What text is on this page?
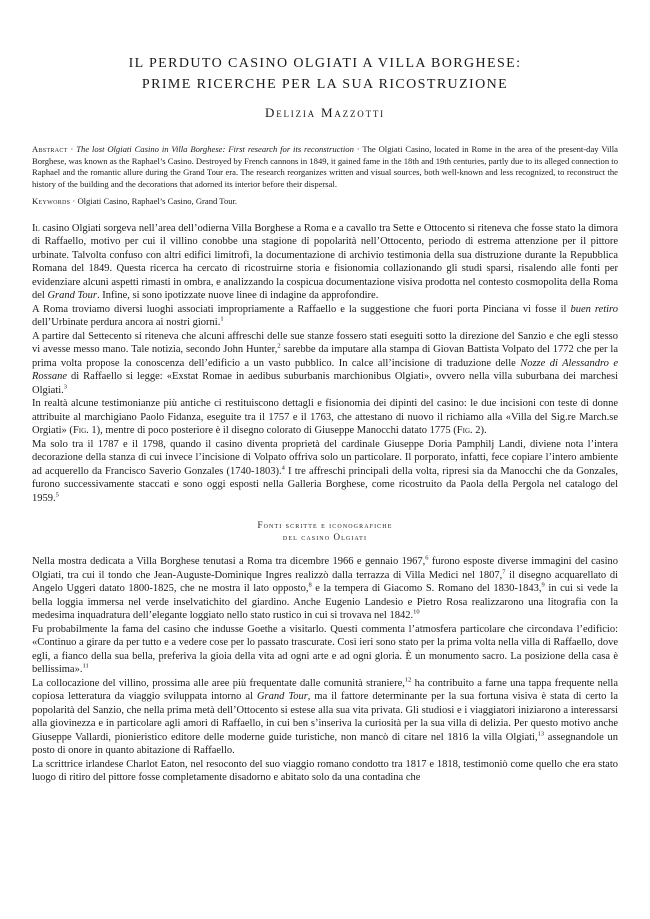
IL PERDUTO CASINO OLGIATI A VILLA BORGHESE:
PRIME RICERCHE PER LA SUA RICOSTRUZIONE
Delizia Mazzotti
Abstract · The lost Olgiati Casino in Villa Borghese: First research for its reconstruction · The Olgiati Casino, located in Rome in the area of the present-day Villa Borghese, was known as the Raphael’s Casino. Destroyed by French cannons in 1849, it gained fame in the 18th and 19th centuries, partly due to its alleged connection to Raphael and the romantic allure during the Grand Tour era. The research reorganizes written and visual sources, both well-known and less recognized, to reconstruct the history of the building and the decorations that adorned its interior before their dispersal.
Keywords · Olgiati Casino, Raphael’s Casino, Grand Tour.

Il casino Olgiati sorgeva nell’area dell’odierna Villa Borghese a Roma e a cavallo tra Sette e Ottocento si riteneva che fosse stato la dimora di Raffaello, motivo per cui il villino conobbe una stagione di popolarità nell’Ottocento, periodo di estrema attenzione per il pittore urbinate. Talvolta confuso con altri edifici limitrofi, la documentazione di archivio testimonia della sua distruzione durante la Repubblica Romana del 1849. Questa ricerca ha cercato di ricostruirne storia e fisionomia collazionando gli studi sparsi, risalendo alle fonti per evidenziare alcuni aspetti rimasti in ombra, e analizzando la cospicua documentazione visiva prodotta nel contesto cosmopolita della Roma del Grand Tour. Infine, si sono ipotizzate nuove linee di indagine da approfondire.

A Roma troviamo diversi luoghi associati impropriamente a Raffaello e la suggestione che fuori porta Pinciana vi fosse il buen retiro dell’Urbinate perdura ancora ai nostri giorni.$^1$

A partire dal Settecento si riteneva che alcuni affreschi delle sue stanze fossero stati eseguiti sotto la direzione del Sanzio e che egli stesso vi avesse messo mano. Tale notizia, secondo John Hunter,$^2$ sarebbe da imputare alla stampa di Giovan Battista Volpato del 1772 che per la prima volta propose la conoscenza dell’edificio a un vasto pubblico. In calce all’incisione di traduzione delle Nozze di Alessandro e Rossane di Raffaello si legge: «Exstat Romae in aedibus suburbanis marchionibus Olgiati», ovvero nella villa suburbana dei marchesi Olgiati.$^3$

In realtà alcune testimonianze più antiche ci restituiscono dettagli e fisionomia dei dipinti del casino: le due incisioni con teste di donne attribuite al marchigiano Paolo Fidanza, eseguite tra il 1757 e il 1763, che attestano di nuovo il richiamo alla «Villa del Sig.re March.se Orgiati» (Fig. 1), mentre di poco posteriore è il disegno colorato di Giuseppe Manocchi datato 1775 (Fig. 2).

Ma solo tra il 1787 e il 1798, quando il casino diventa proprietà del cardinale Giuseppe Doria Pamphilj Landi, diviene nota l’intera decorazione della stanza di cui invece l’incisione di Volpato offriva solo un particolare. Il porporato, infatti, fece copiare l’intero ambiente ad acquerello da Francisco Saverio Gonzales (1740-1803).$^4$ I tre affreschi principali della volta, ripresi sia da Manocchi che da Gonzales, furono successivamente staccati e sono oggi esposti nella Galleria Borghese, come ricostruito da Paola della Pergola nel catalogo del 1959.$^5$

Fonti scritte e iconografiche
del casino Olgiati

Nella mostra dedicata a Villa Borghese tenutasi a Roma tra dicembre 1966 e gennaio 1967,$^6$ furono esposte diverse immagini del casino Olgiati, tra cui il tondo che Jean-Auguste-Dominique Ingres realizzò dalla terrazza di Villa Medici nel 1807,$^7$ il disegno acquarellato di Angelo Uggeri datato 1800-1825, che ne mostra il lato opposto,$^8$ e la tempera di Giacomo S. Romano del 1830-1843,$^9$ in cui si vede la bella loggia immersa nel verde inselvatichito del giardino. Anche Eugenio Landesio e Pietro Rosa realizzarono una litografia con la medesima inquadratura dell’elegante loggiato nello stato rustico in cui si trovava nel 1842.10

Fu probabilmente la fama del casino che indusse Goethe a visitarlo. Questi commenta l’atmosfera particolare che circondava l’edificio: «Continuo a girare da per tutto e a vedere cose per lo passato trascurate. Così ieri sono stato per la prima volta nella villa di Raffaello, dove egli, a fianco della sua bella, preferiva la gioia della vita ad ogni arte e ad ogni gloria. È un monumento sacro. La posizione della casa è bellissima».$^{11}$

La collocazione del villino, prossima alle aree più frequentate dalle comunità straniere,$^{12}$ ha contribuito a farne una tappa frequente nella copiosa letteratura da viaggio sviluppata intorno al Grand Tour, ma il fattore determinante per la sua fortuna visiva è stata di certo la popolarità del Sanzio, che nella prima metà dell’Ottocento si estese alla sua vita privata. Gli studiosi e i viaggiatori iniziarono a interessarsi alla giovinezza e in particolare agli amori di Raffaello, in cui ben s’inseriva la curiosità per la sua villa di delizia. Per questo motivo anche Giuseppe Vallardi, pionieristico editore delle moderne guide turistiche, non mancò di citare nel 1816 la villa Olgiati,$^{13}$ assegnandole un posto di onore in quanto abitazione di Raffaello.

La scrittrice irlandese Charlot Eaton, nel resoconto del suo viaggio romano condotto tra 1817 e 1818, testimoniò come quello che era stato luogo di ritiro del pittore fosse completamente disadorno e abitato solo da una contadina che
